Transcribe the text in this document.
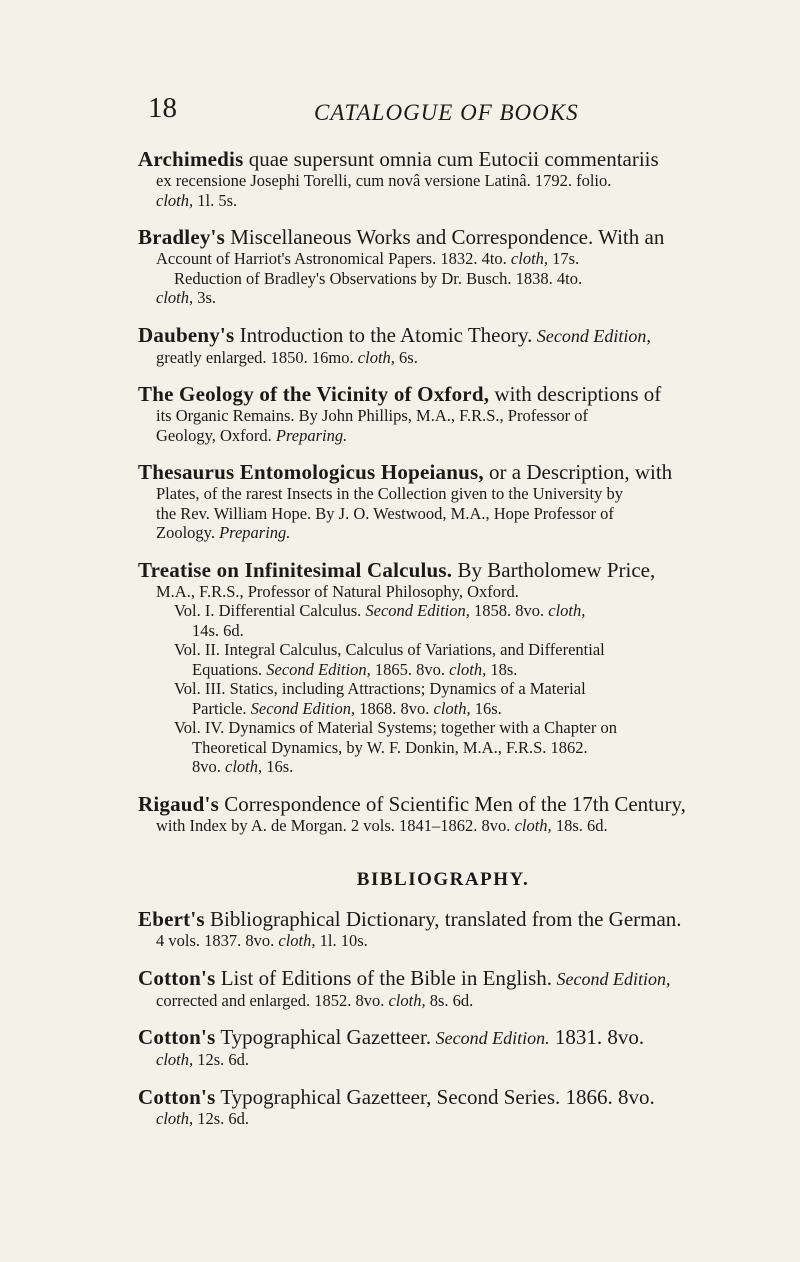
18	CATALOGUE OF BOOKS
Archimedis quae supersunt omnia cum Eutocii commentariis
ex recensione Josephi Torelli, cum novâ versione Latinâ. 1792. folio.
cloth, 1l. 5s.
Bradley's Miscellaneous Works and Correspondence. With an
Account of Harriot's Astronomical Papers. 1832. 4to. cloth, 17s.
Reduction of Bradley's Observations by Dr. Busch. 1838. 4to.
cloth, 3s.
Daubeny's Introduction to the Atomic Theory. Second Edition,
greatly enlarged. 1850. 16mo. cloth, 6s.
The Geology of the Vicinity of Oxford, with descriptions of
its Organic Remains. By John Phillips, M.A., F.R.S., Professor of
Geology, Oxford. Preparing.
Thesaurus Entomologicus Hopeianus, or a Description, with
Plates, of the rarest Insects in the Collection given to the University by
the Rev. William Hope. By J. O. Westwood, M.A., Hope Professor of
Zoology. Preparing.
Treatise on Infinitesimal Calculus. By Bartholomew Price,
M.A., F.R.S., Professor of Natural Philosophy, Oxford.
Vol. I. Differential Calculus. Second Edition, 1858. 8vo. cloth,
14s. 6d.
Vol. II. Integral Calculus, Calculus of Variations, and Differential
Equations. Second Edition, 1865. 8vo. cloth, 18s.
Vol. III. Statics, including Attractions; Dynamics of a Material
Particle. Second Edition, 1868. 8vo. cloth, 16s.
Vol. IV. Dynamics of Material Systems; together with a Chapter on
Theoretical Dynamics, by W. F. Donkin, M.A., F.R.S. 1862.
8vo. cloth, 16s.
Rigaud's Correspondence of Scientific Men of the 17th Century,
with Index by A. de Morgan. 2 vols. 1841–1862. 8vo. cloth, 18s. 6d.
BIBLIOGRAPHY.
Ebert's Bibliographical Dictionary, translated from the German.
4 vols. 1837. 8vo. cloth, 1l. 10s.
Cotton's List of Editions of the Bible in English. Second Edition,
corrected and enlarged. 1852. 8vo. cloth, 8s. 6d.
Cotton's Typographical Gazetteer. Second Edition. 1831. 8vo.
cloth, 12s. 6d.
Cotton's Typographical Gazetteer, Second Series. 1866. 8vo.
cloth, 12s. 6d.
